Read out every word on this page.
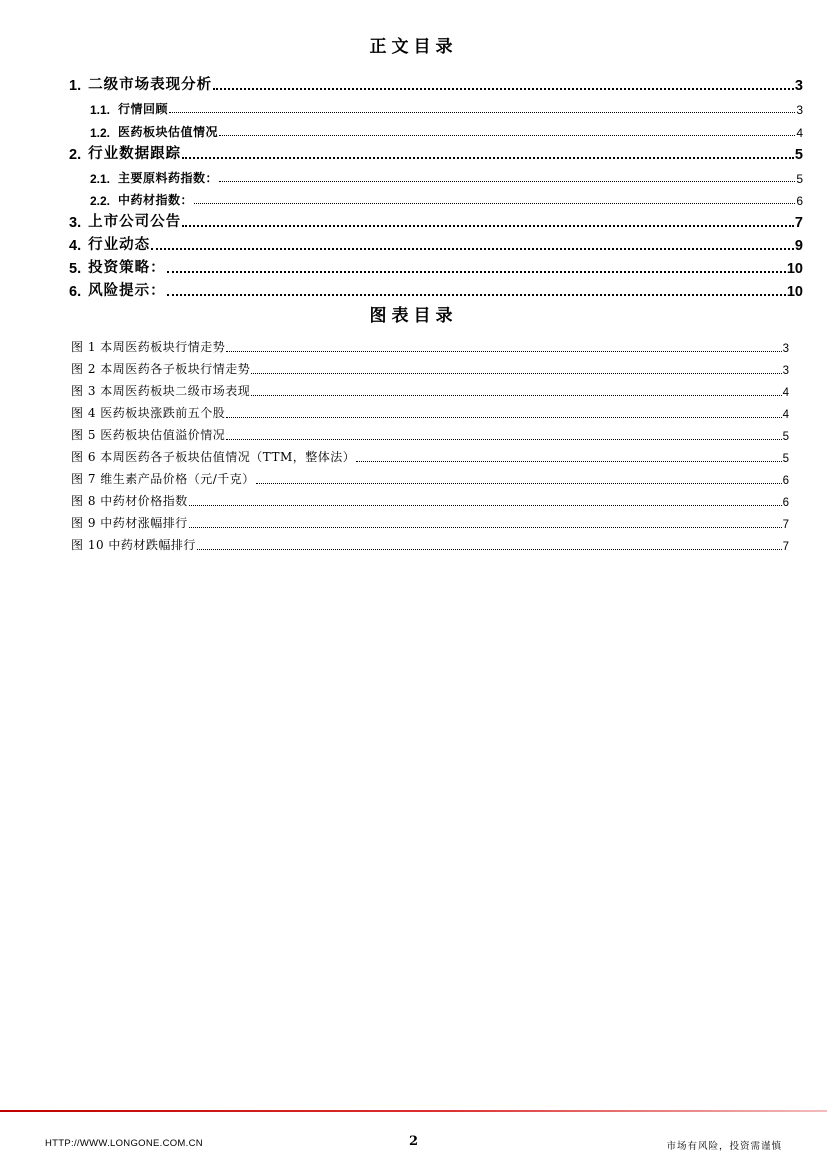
正文目录
1. 二级市场表现分析	3
1.1. 行情回顾	3
1.2. 医药板块估值情况	4
2. 行业数据跟踪	5
2.1. 主要原料药指数：	5
2.2. 中药材指数：	6
3. 上市公司公告	7
4. 行业动态	9
5. 投资策略：	10
6. 风险提示：	10
图表目录
图 1 本周医药板块行情走势	3
图 2 本周医药各子板块行情走势	3
图 3 本周医药板块二级市场表现	4
图 4 医药板块涨跌前五个股	4
图 5 医药板块估值溢价情况	5
图 6 本周医药各子板块估值情况（TTM，整体法）	5
图 7 维生素产品价格（元/千克）	6
图 8 中药材价格指数	6
图 9 中药材涨幅排行	7
图 10 中药材跌幅排行	7
HTTP://WWW.LONGONE.COM.CN	2	市场有风险，投资需谨慎
